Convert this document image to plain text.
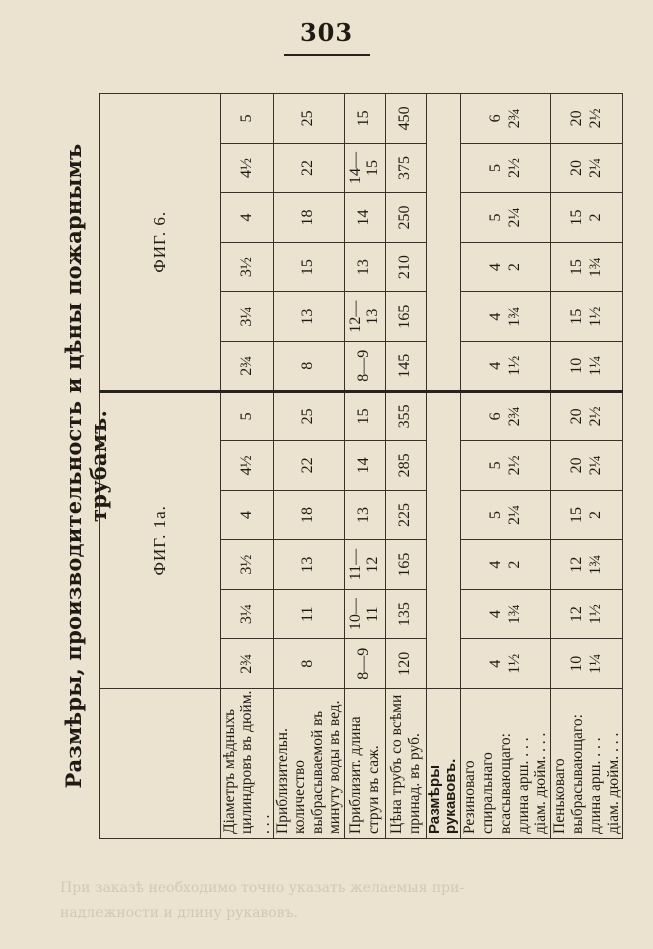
303
Размѣры, производительность и цѣны пожарнымъ трубамъ.
	ФИГ. 1а.						ФИГ. 6.					
Діаметръ мѣдныхъ цилиндровъ въ дюйм. . . .	2¾	3¼	3½	4	4½	5	2¾	3¼	3½	4	4½	5
Приблизительн. количество выбрасываемой въ минуту воды въ вед.	8	11	13	18	22	25	8	13	15	18	22	25
Приблизит. длина струи въ саж.	8—9	10—11	11—12	13	14	15	8—9	12—13	13	14	14—15	15
Цѣна трубъ со всѣми принад. въ руб.	120	135	165	225	285	355	145	165	210	250	375	450
Размѣры рукавовъ.												

Резиноваго спиральнаго всасывающаго: длина арш. . . . діам. дюйм. . . .	4 1½	4 1¾	4 2	5 2¼	5 2½	6 2¾	4 1½	4 1¾	4 2	5 2¼	5 2½	6 2¾

Пеньковаго выбрасывающаго: длина арш. . . . діам. дюйм. . . .	10 1¼	12 1½	12 1¾	15 2	20 2¼	20 2½	10 1¼	15 1½	15 1¾	15 2	20 2¼	20 2½
При заказѣ необходимо точно указать желаемыя при-
надлежности и длину рукавовъ.
